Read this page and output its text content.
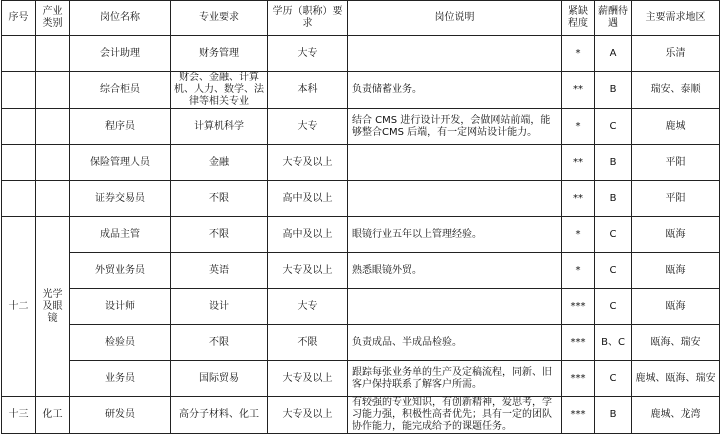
序号	产业类别	岗位名称	专业要求	学历（职称）要求	岗位说明	紧缺程度	薪酬待遇	主要需求地区
		会计助理	财务管理	大专		*	A	乐清
		综合柜员	财会、金融、计算机、人力、数学、法律等相关专业	本科	负责储蓄业务。	**	B	瑞安、泰顺
		程序员	计算机科学	大专	结合 CMS 进行设计开发，会做网站前端，能够整合CMS 后端，有一定网站设计能力。	*	C	鹿城
		保险管理人员	金融	大专及以上		**	B	平阳
		证券交易员	不限	高中及以上		**	B	平阳
十二	光学及眼镜	成品主管	不限	高中及以上	眼镜行业五年以上管理经验。	*	C	瓯海
		外贸业务员	英语	大专及以上	熟悉眼镜外贸。	*	C	瓯海
		设计师	设计	大专		***	C	瓯海
		检验员	不限	不限	负责成品、半成品检验。	***	B、C	瓯海、瑞安
		业务员	国际贸易	大专及以上	跟踪每张业务单的生产及定稿流程，同新、旧客户保持联系了解客户所需。	***	C	鹿城、瓯海、瑞安
十三	化工	研发员	高分子材料、化工	大专及以上	有较强的专业知识，有创新精神，爱思考，学习能力强，积极性高者优先；具有一定的团队协作能力，能完成给予的课题任务。	***	B	鹿城、龙湾
